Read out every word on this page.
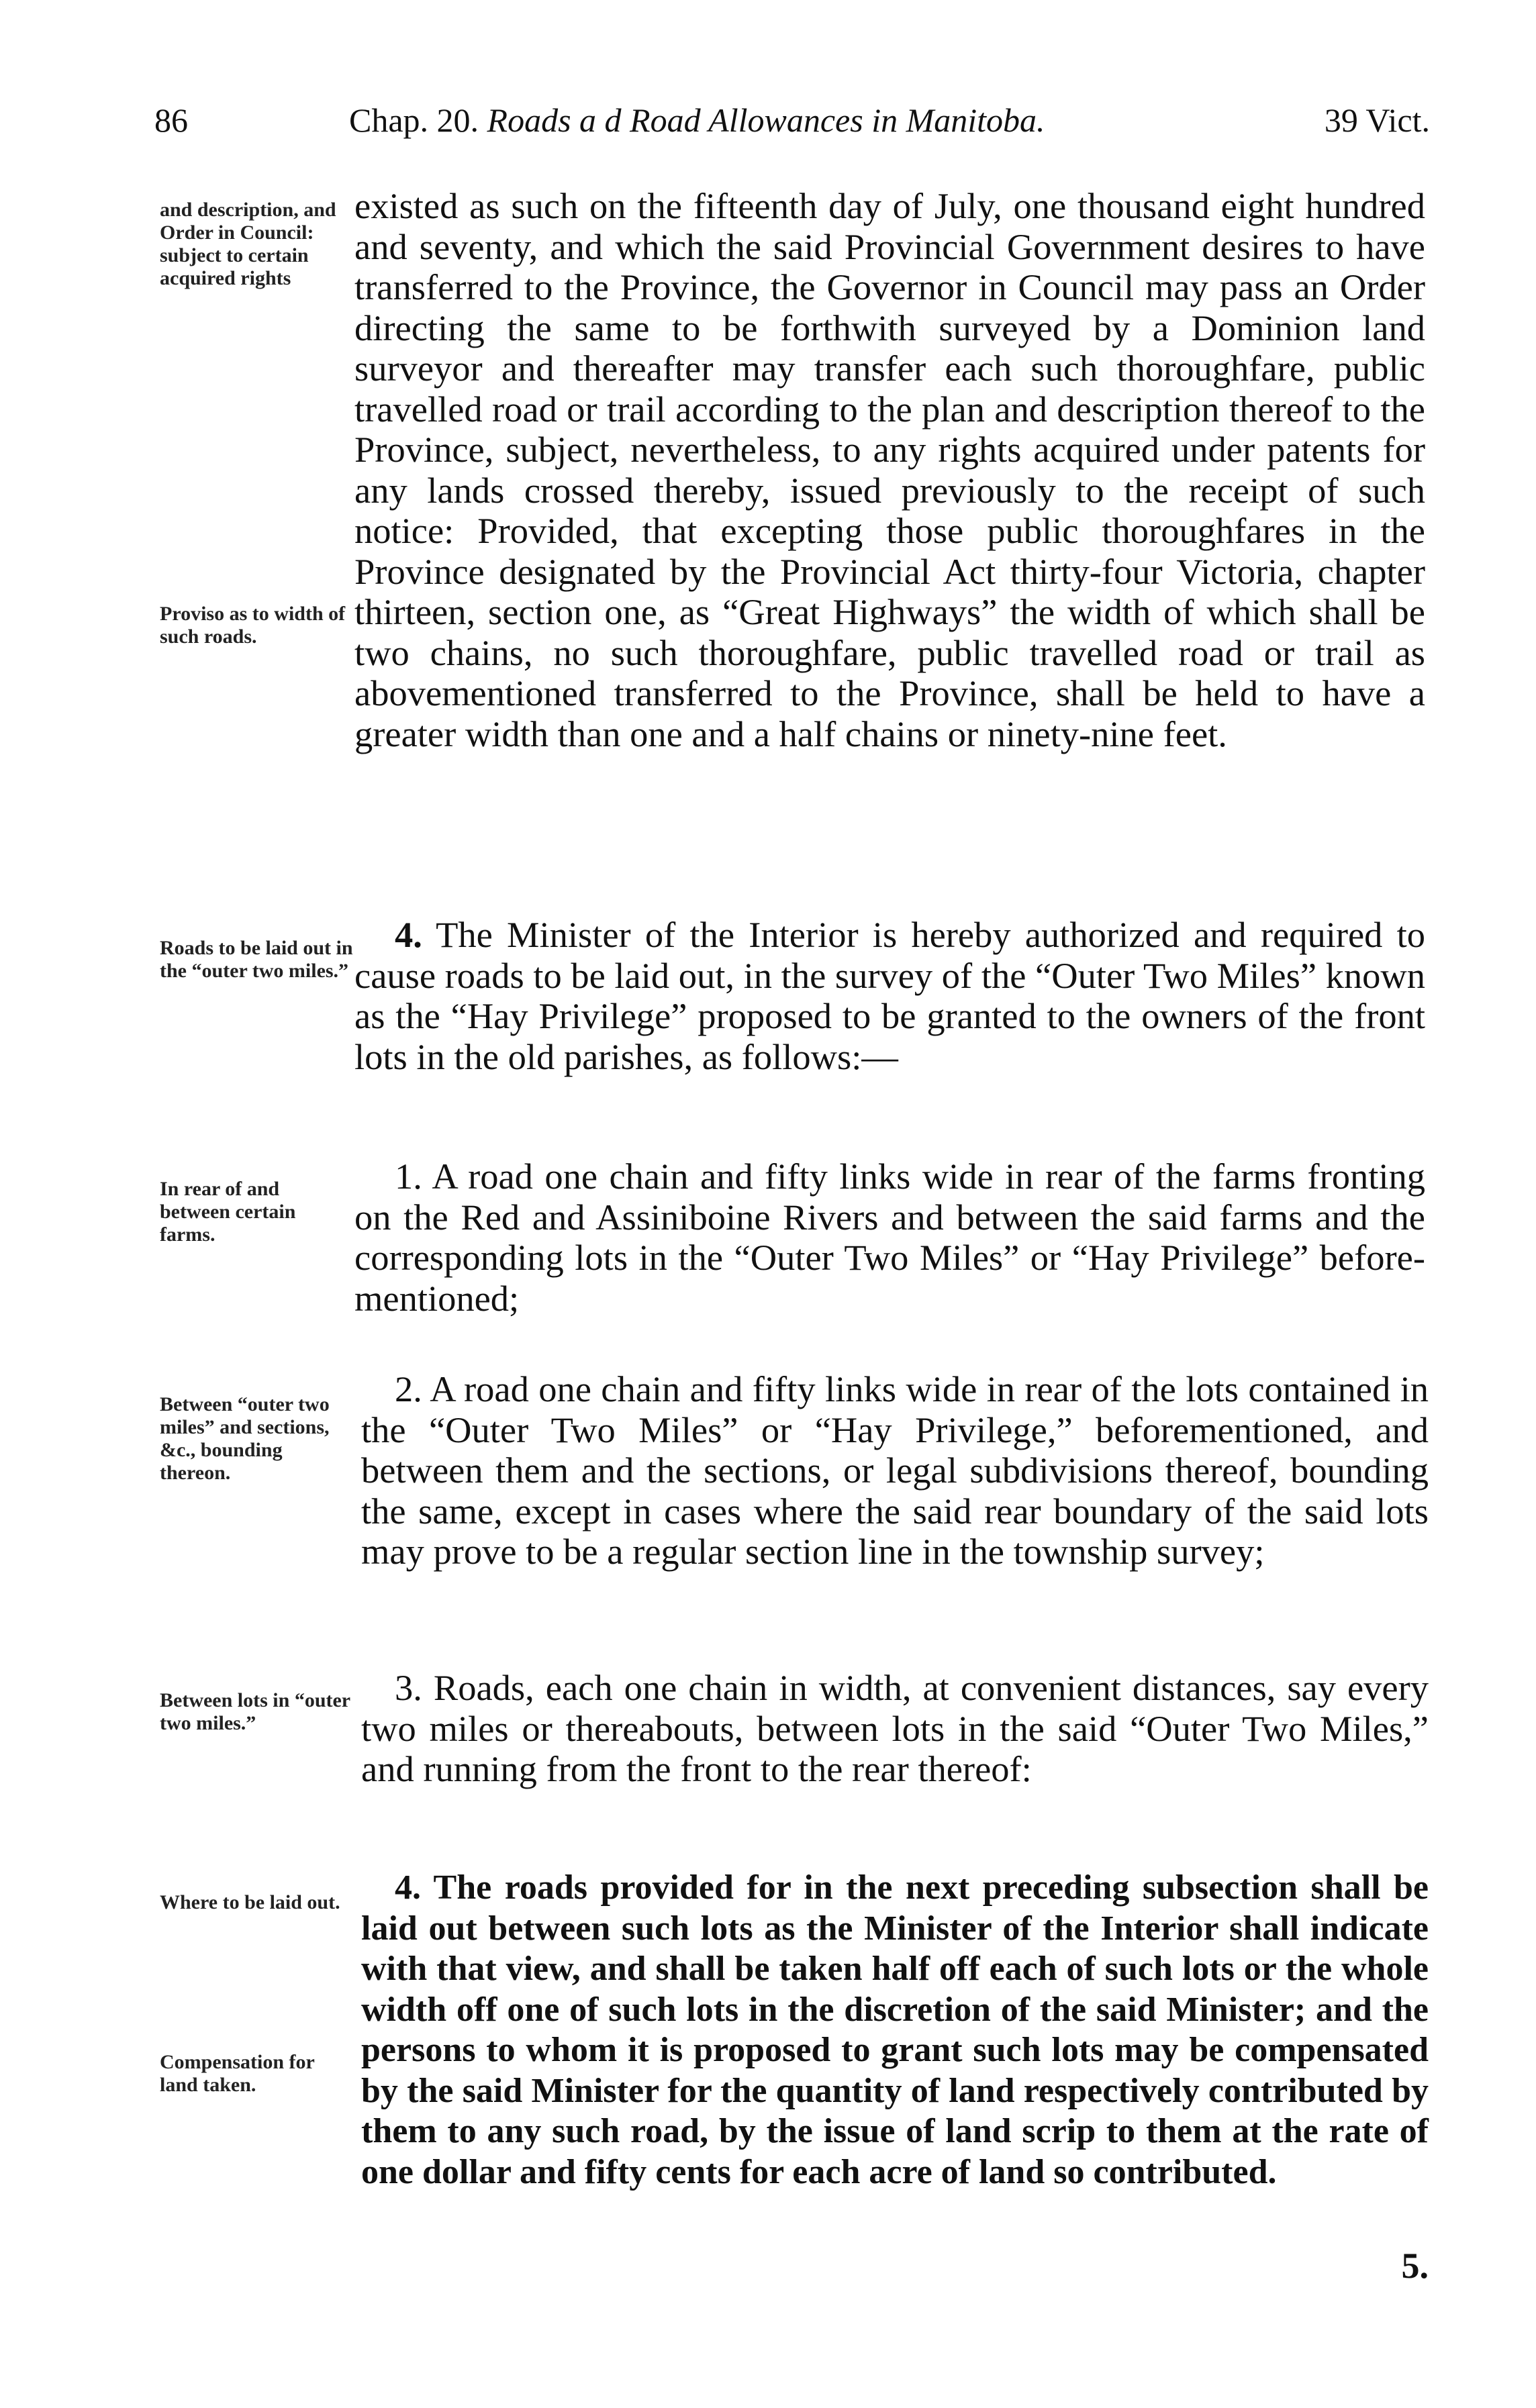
86	Chap. 20. Roads a d Road Allowances in Manitoba.	39 Vict.
and description, and Order in Council: subject to certain acquired rights
Proviso as to width of such roads.
Roads to be laid out in the “outer two miles.”
In rear of and between certain farms.
Between “outer two miles” and sections, &c., bounding thereon.
Between lots in “outer two miles.”
Where to be laid out.
Compensation for land taken.
existed as such on the fifteenth day of July, one thousand eight hundred and seventy, and which the said Provincial Government desires to have transferred to the Province, the Governor in Council may pass an Order directing the same to be forthwith surveyed by a Dominion land surveyor and thereafter may transfer each such thoroughfare, public travelled road or trail according to the plan and description thereof to the Province, subject, nevertheless, to any rights acquired under patents for any lands crossed thereby, issued previously to the receipt of such notice: Provided, that excepting those public thoroughfares in the Province designated by the Provincial Act thirty-four Victoria, chapter thirteen, section one, as “Great Highways” the width of which shall be two chains, no such thoroughfare, public travelled road or trail as abovementioned transferred to the Province, shall be held to have a greater width than one and a half chains or ninety-nine feet.
4. The Minister of the Interior is hereby authorized and required to cause roads to be laid out, in the survey of the “Outer Two Miles” known as the “Hay Privilege” proposed to be granted to the owners of the front lots in the old parishes, as follows:—
1. A road one chain and fifty links wide in rear of the farms fronting on the Red and Assiniboine Rivers and between the said farms and the corresponding lots in the “Outer Two Miles” or “Hay Privilege” before-mentioned;
2. A road one chain and fifty links wide in rear of the lots contained in the “Outer Two Miles” or “Hay Privilege,” beforementioned, and between them and the sections, or legal subdivisions thereof, bounding the same, except in cases where the said rear boundary of the said lots may prove to be a regular section line in the township survey;
3. Roads, each one chain in width, at convenient distances, say every two miles or thereabouts, between lots in the said “Outer Two Miles,” and running from the front to the rear thereof:
4. The roads provided for in the next preceding subsection shall be laid out between such lots as the Minister of the Interior shall indicate with that view, and shall be taken half off each of such lots or the whole width off one of such lots in the discretion of the said Minister; and the persons to whom it is proposed to grant such lots may be compensated by the said Minister for the quantity of land respectively contributed by them to any such road, by the issue of land scrip to them at the rate of one dollar and fifty cents for each acre of land so contributed.
5.
